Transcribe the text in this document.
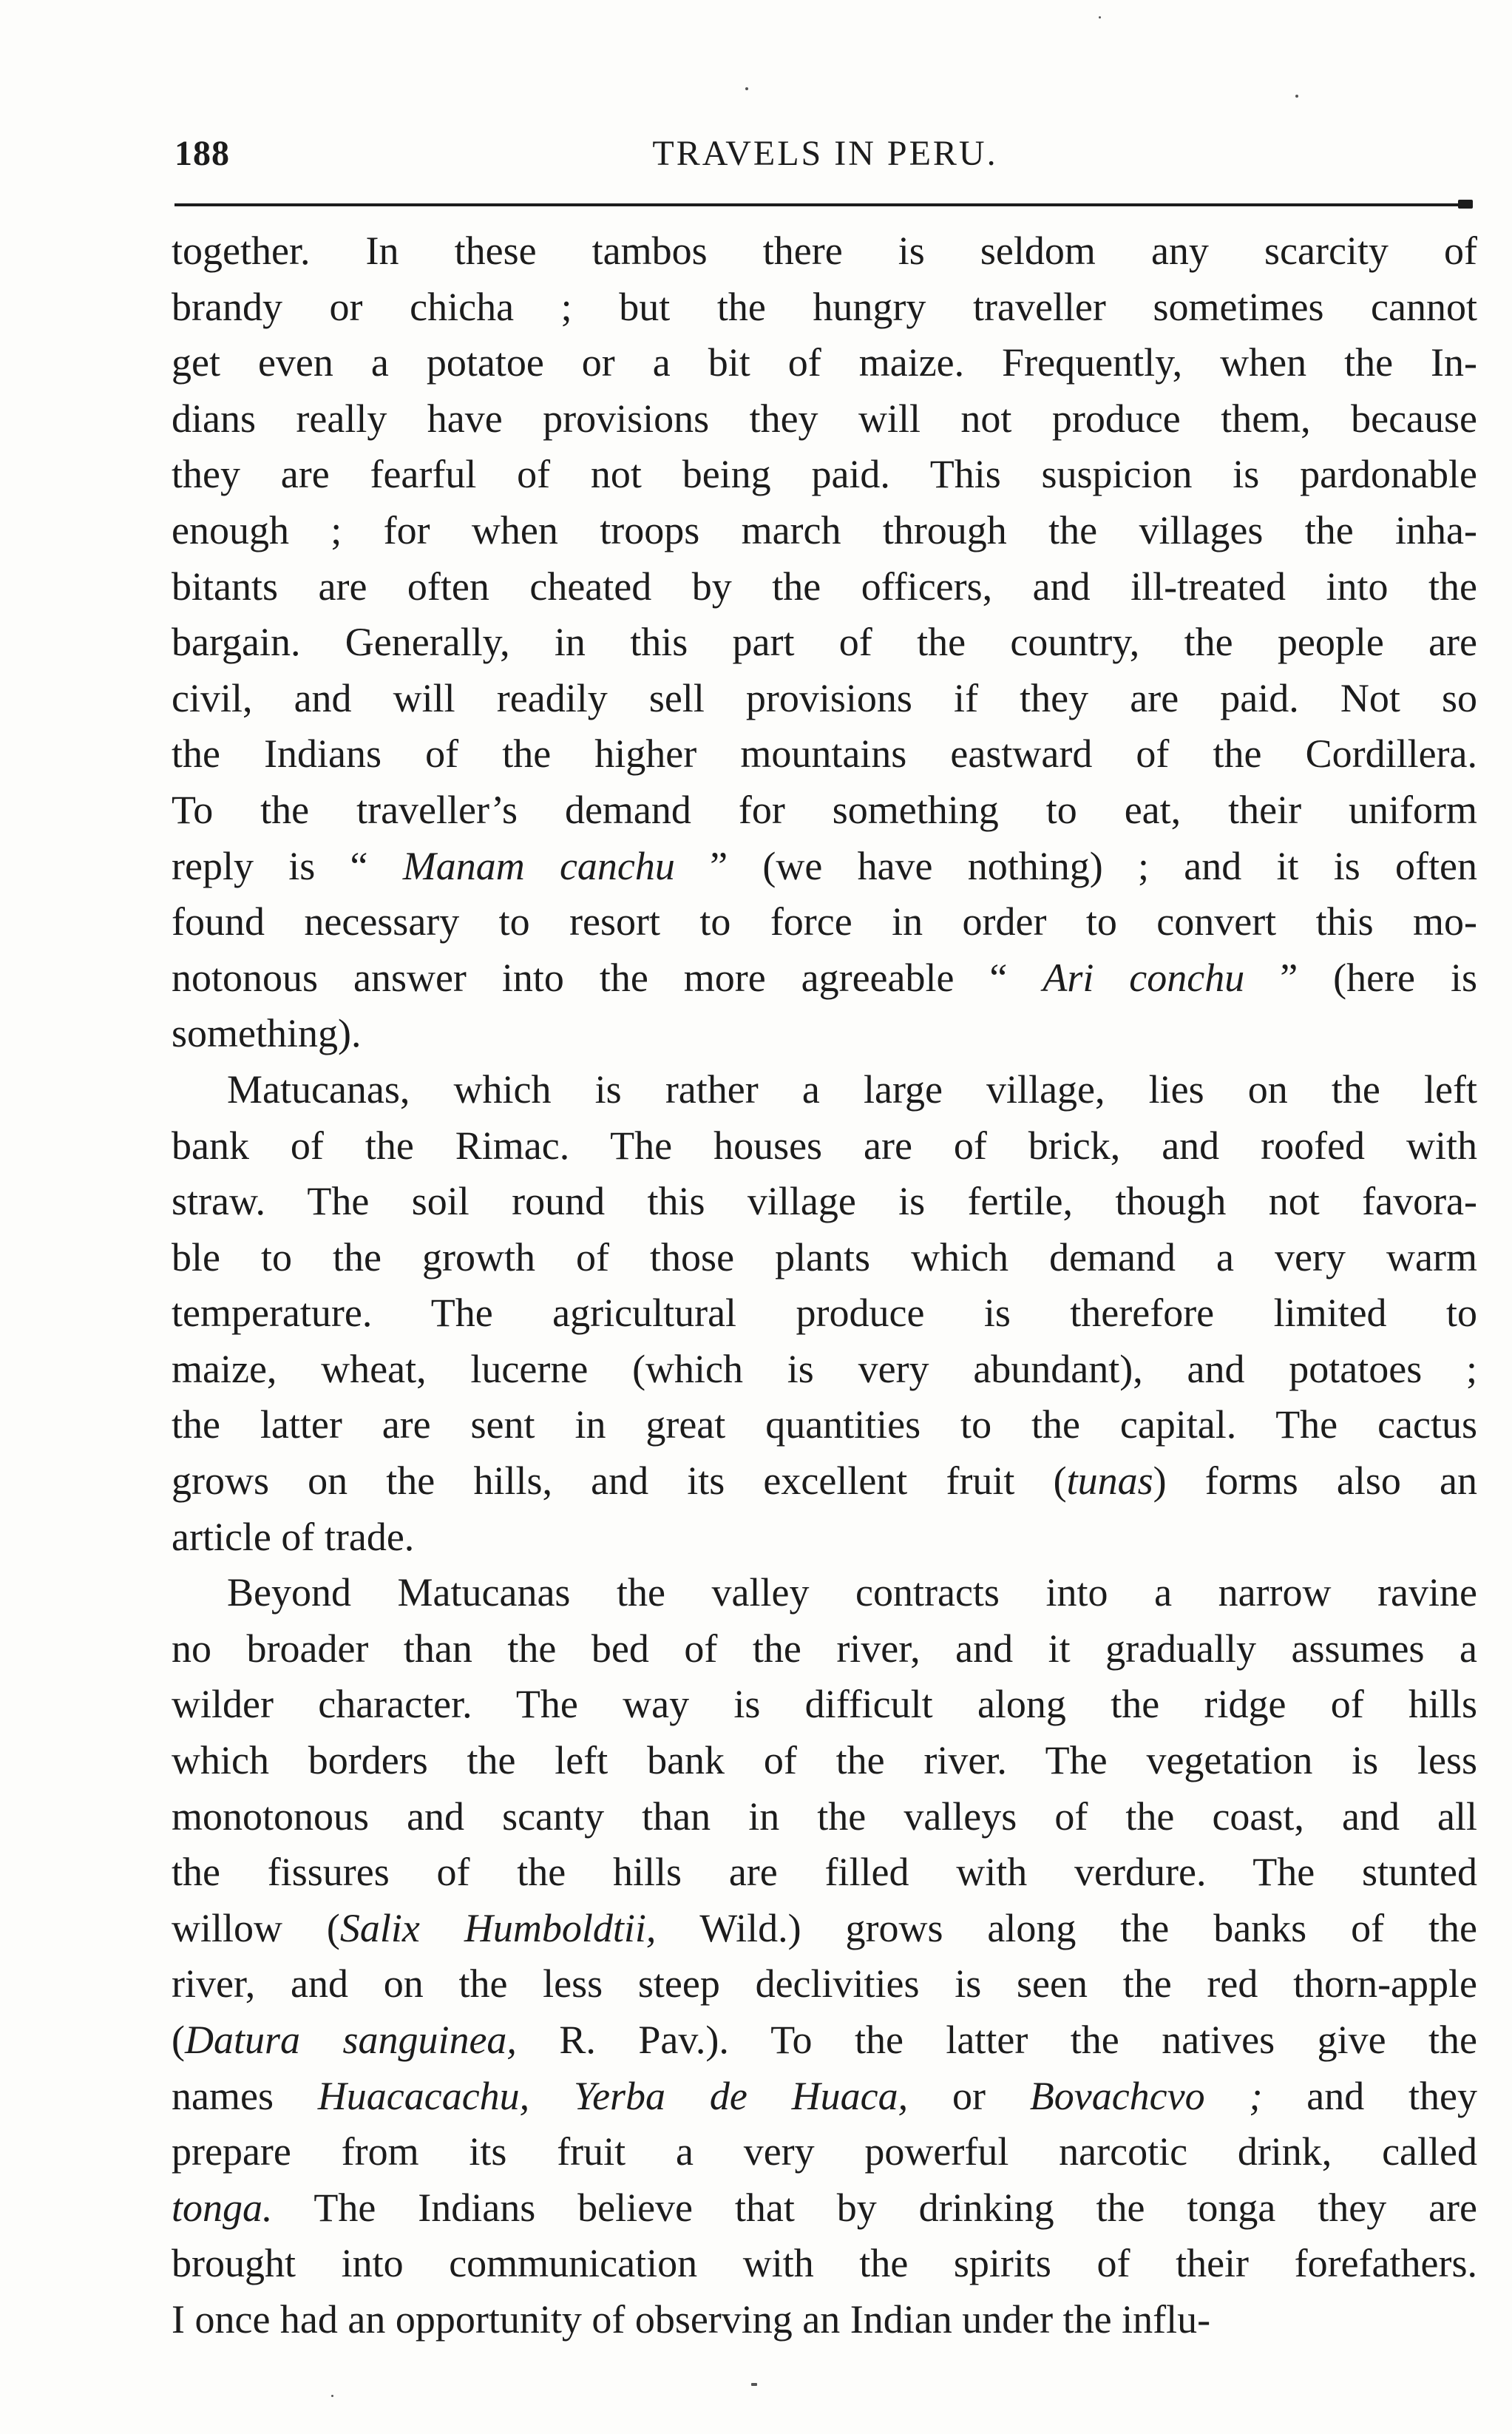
188	TRAVELS IN PERU.
together. In these tambos there is seldom any scarcity of
brandy or chicha ; but the hungry traveller sometimes cannot
get even a potatoe or a bit of maize. Frequently, when the In-
dians really have provisions they will not produce them, because
they are fearful of not being paid. This suspicion is pardonable
enough ; for when troops march through the villages the inha-
bitants are often cheated by the officers, and ill-treated into the
bargain. Generally, in this part of the country, the people are
civil, and will readily sell provisions if they are paid. Not so
the Indians of the higher mountains eastward of the Cordillera.
To the traveller’s demand for something to eat, their uniform
reply is “ Manam canchu ” (we have nothing) ; and it is often
found necessary to resort to force in order to convert this mo-
notonous answer into the more agreeable “ Ari conchu ” (here is
something).
Matucanas, which is rather a large village, lies on the left
bank of the Rimac. The houses are of brick, and roofed with
straw. The soil round this village is fertile, though not favora-
ble to the growth of those plants which demand a very warm
temperature. The agricultural produce is therefore limited to
maize, wheat, lucerne (which is very abundant), and potatoes ;
the latter are sent in great quantities to the capital. The cactus
grows on the hills, and its excellent fruit (tunas) forms also an
article of trade.
Beyond Matucanas the valley contracts into a narrow ravine
no broader than the bed of the river, and it gradually assumes a
wilder character. The way is difficult along the ridge of hills
which borders the left bank of the river. The vegetation is less
monotonous and scanty than in the valleys of the coast, and all
the fissures of the hills are filled with verdure. The stunted
willow (Salix Humboldtii, Wild.) grows along the banks of the
river, and on the less steep declivities is seen the red thorn-apple
(Datura sanguinea, R. Pav.). To the latter the natives give the
names Huacacachu, Yerba de Huaca, or Bovachcvo ; and they
prepare from its fruit a very powerful narcotic drink, called
tonga. The Indians believe that by drinking the tonga they are
brought into communication with the spirits of their forefathers.
I once had an opportunity of observing an Indian under the influ-
